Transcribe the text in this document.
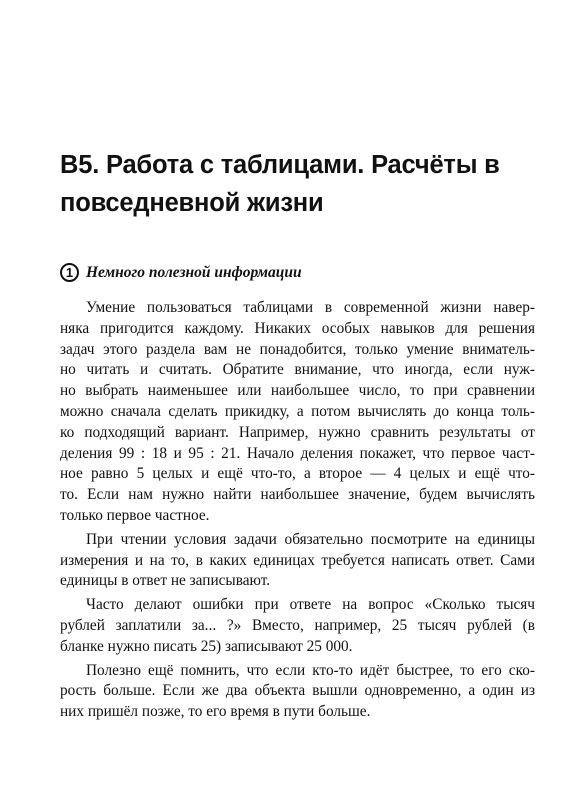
B5. Работа с таблицами. Расчёты в
повседневной жизни
1 Немного полезной информации

Умение пользоваться таблицами в современной жизни навер-
няка пригодится каждому. Никаких особых навыков для решения
задач этого раздела вам не понадобится, только умение вниматель-
но читать и считать. Обратите внимание, что иногда, если нуж-
но выбрать наименьшее или наибольшее число, то при сравнении
можно сначала сделать прикидку, а потом вычислять до конца толь-
ко подходящий вариант. Например, нужно сравнить результаты от
деления 99 : 18 и 95 : 21. Начало деления покажет, что первое част-
ное равно 5 целых и ещё что-то, а второе — 4 целых и ещё что-
то. Если нам нужно найти наибольшее значение, будем вычислять
только первое частное.

При чтении условия задачи обязательно посмотрите на единицы
измерения и на то, в каких единицах требуется написать ответ. Сами
единицы в ответ не записывают.

Часто делают ошибки при ответе на вопрос «Сколько тысяч
рублей заплатили за... ?» Вместо, например, 25 тысяч рублей (в
бланке нужно писать 25) записывают 25 000.

Полезно ещё помнить, что если кто-то идёт быстрее, то его ско-
рость больше. Если же два объекта вышли одновременно, а один из
них пришёл позже, то его время в пути больше.
